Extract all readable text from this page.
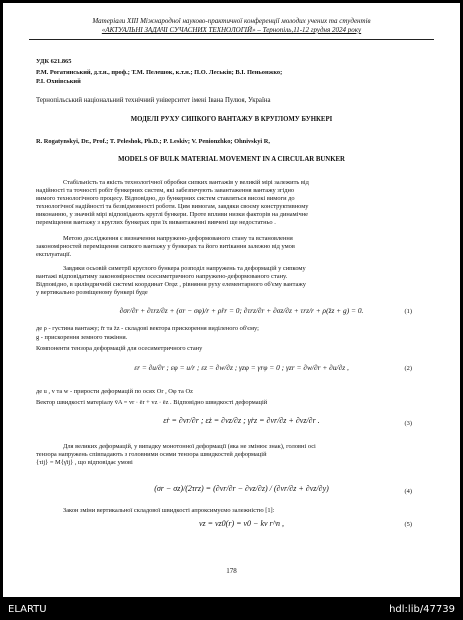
Матеріали XIII Міжнародної науково-практичної конференції молодих учених та студентів
«АКТУАЛЬНІ ЗАДАЧІ СУЧАСНИХ ТЕХНОЛОГІЙ» – Тернопіль,11-12 грудня 2024 року
УДК 621.865
Р.М. Рогатинський, д.т.н., проф.; Т.М. Пелешок, к.т.н.; П.О. Леськів; В.І. Пеньонжко;
Р.І. Охнівський
Тернопільський національний технічний університет імені Івана Пулюя, Україна
МОДЕЛІ РУХУ СИПКОГО ВАНТАЖУ В КРУГЛОМУ БУНКЕРІ
R. Rogatynskyi, Dr., Prof.; T. Peleshok, Ph.D.; P. Leskiv; V. Penionzhko; Ohnivskyi R,
MODELS OF BULK MATERIAL MOVEMENT IN A CIRCULAR BUNKER
Стабільність та якість технологічної обробки сипких вантажів у великій мірі залежить від
надійності та точності робіт бункерних систем, які забезпечують завантаження вантажу згідно
вимого технологічного процесу. Відповідно, до бункерних систем ставляться високі вимоги до
технологічної надійності та безвідмовності роботи. Цим вимогам, завдяки своєму конструктивному
виконанню, у значній мірі відповідають круглі бункери. Проте впливи низки факторів на динамічне
переміщення вантажу з круглих бункерах при їх вивантаженні вивчені ще недостатньо .
Метою дослідження є визначення напружено-деформованого стану та встановлення
закономірностей переміщення сипкого вантажу у бункерах та його витікання залежно від умов
експлуатації.
Завдяки осьовій симетрії круглого бункера розподіл напружень та деформацій у сипкому
вантажі відповідатиму закономірностям осесиметричного напружено-деформованого стану.
Відповідно, в циліндричній системі координат Orφz , рівняння руху елементарного об'єму вантажу
у вертикально розміщеному бункері буде
∂σr/∂r + ∂τrz/∂z + (σr − σφ)/r + ρr̈r = 0; ∂τrz/∂r + ∂σz/∂z + τrz/r + ρ(z̈z + g) = 0.	(1)
де ρ - густина вантажу; r̈r та z̈z - складові вектора прискорення виділеного об'єму;
g - прискорення земного тяжіння.
Компоненти тензора деформацій для осесиметричного стану
εr = ∂u/∂r ; εφ = u/r ; εz = ∂w/∂z ; γzφ = γrφ = 0 ; γzr = ∂w/∂r + ∂u/∂z ,	(2)
де u , v та w - прирости деформацій по осях Or , Oφ та Oz
Вектор швидкості матеріалу v̄A = vr · ēr + vz · ēz . Відповідно швидкості деформацій
ε̇r = ∂vr/∂r ; ε̇z = ∂vz/∂z ; γ̇rz = ∂vr/∂z + ∂vz/∂r .	(3)
Для великих деформацій, у випадку монотонної деформації (яка не змінює знак), головні осі
тензора напружень співпадають з головними осями тензора швидкостей деформацій
{τij} = M{γ̇ij} , що відповідає умові
(σr − σz)/(2τrz) = (∂vr/∂r − ∂vz/∂z) / (∂vr/∂z + ∂vz/∂y)	(4)
Закон зміни вертикальної складової швидкості апроксимуємо залежністю [1]:
vz = vz0(r) = v0 − kv r^n ,	(5)
178
ELARTU	hdl:lib/47739
